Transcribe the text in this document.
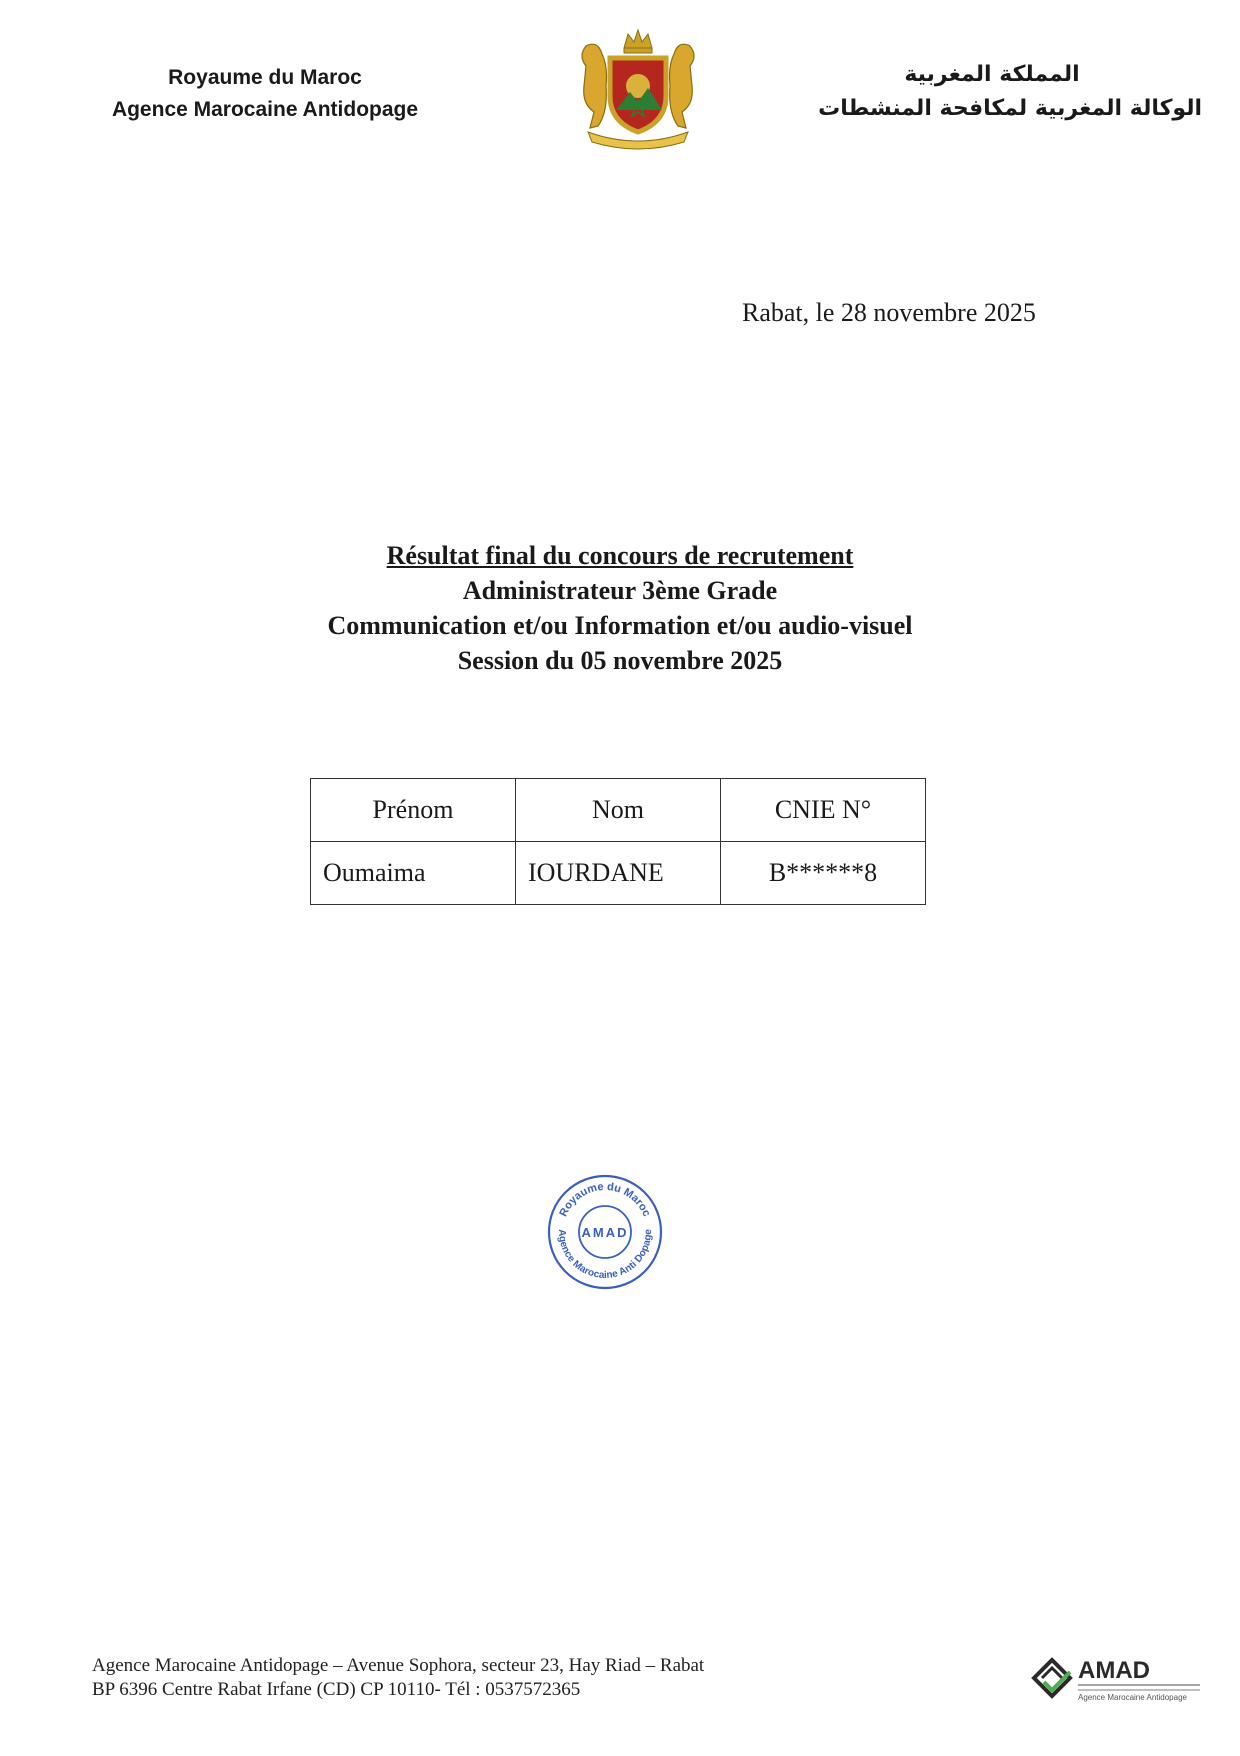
Royaume du Maroc
Agence Marocaine Antidopage
المملكة المغربية
الوكالة المغربية لمكافحة المنشطات
Rabat, le 28 novembre 2025
Résultat final du concours de recrutement
Administrateur 3ème Grade
Communication et/ou Information et/ou audio-visuel
Session du 05 novembre 2025
Prénom	Nom	CNIE N°
Oumaima	IOURDANE	B******8
Royaume du Maroc
Agence Marocaine Anti Dopage
AMAD
Agence Marocaine Antidopage – Avenue Sophora, secteur 23, Hay Riad – Rabat
BP 6396 Centre Rabat Irfane (CD) CP 10110- Tél : 0537572365
AMAD
Agence Marocaine Antidopage
